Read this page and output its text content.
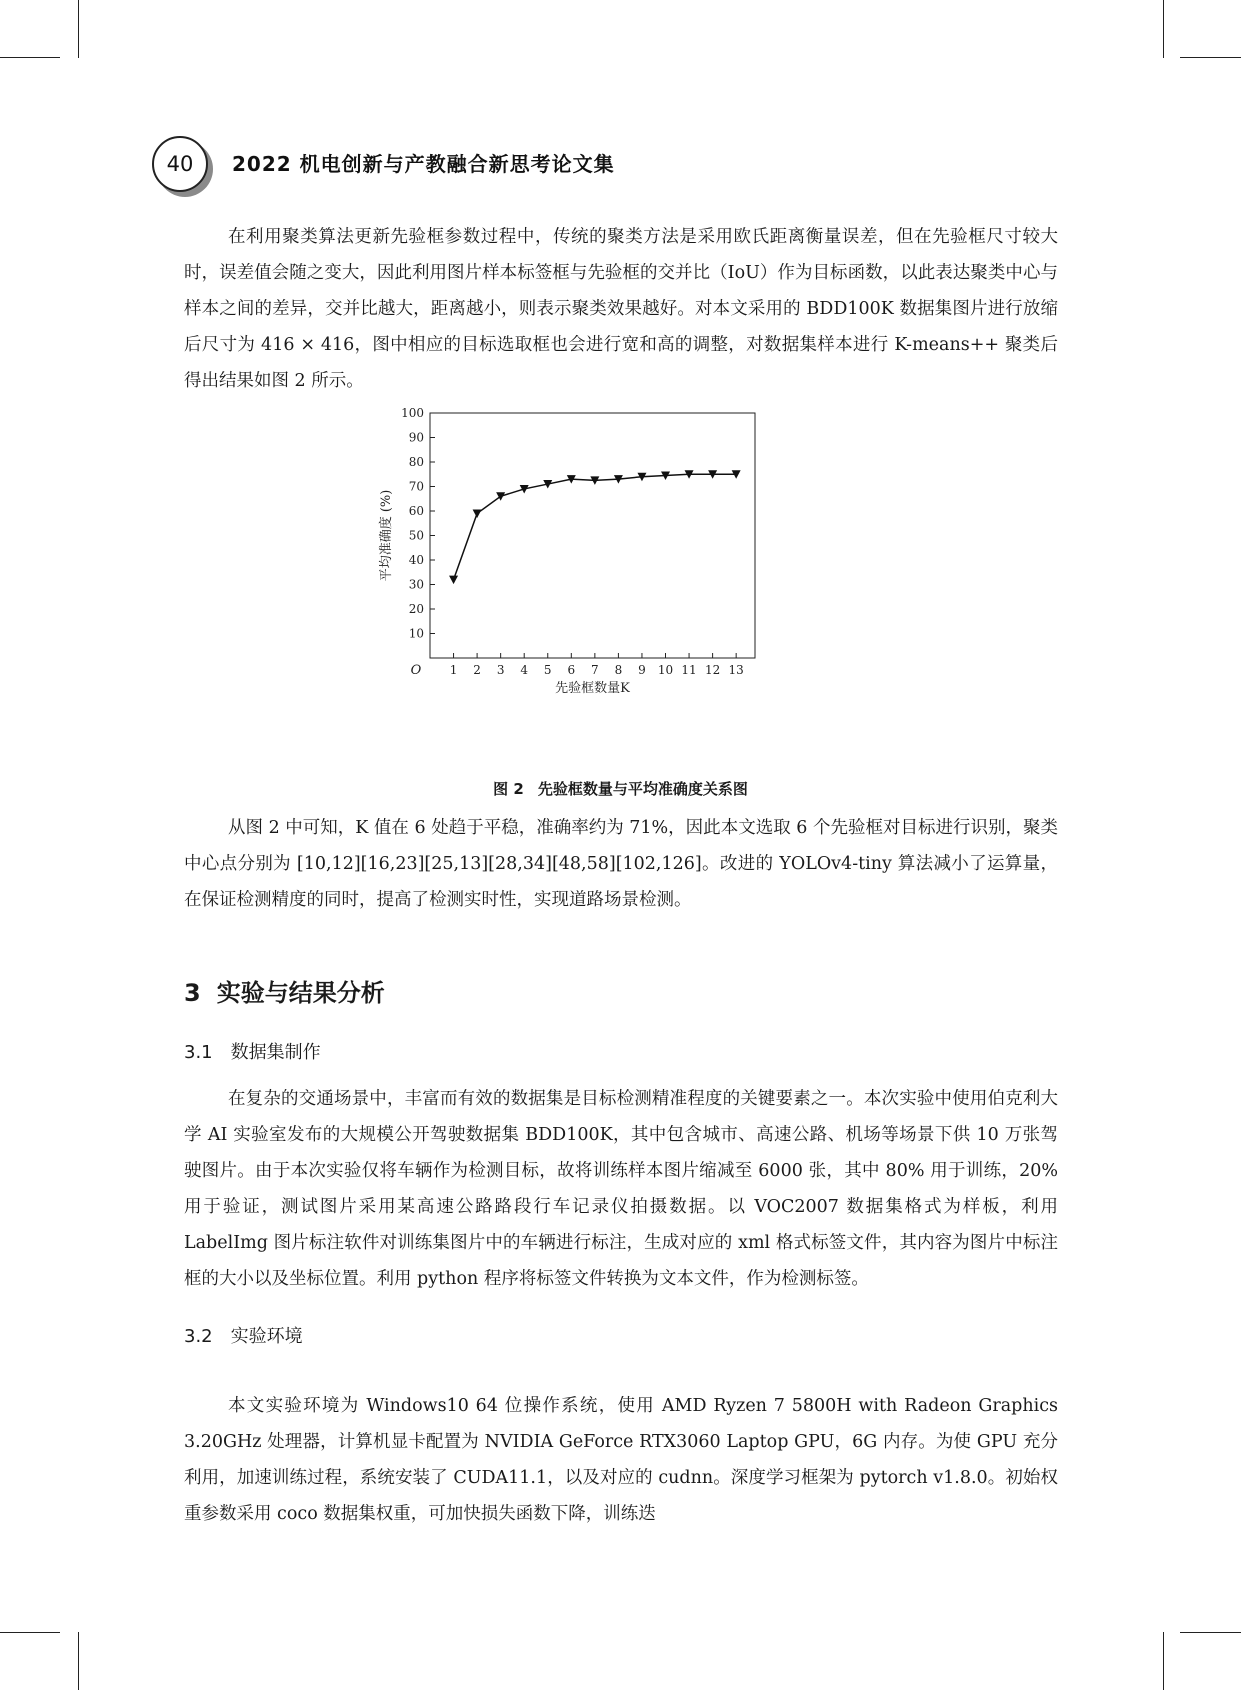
40 2022 机电创新与产教融合新思考论文集

在利用聚类算法更新先验框参数过程中，传统的聚类方法是采用欧氏距离衡量误差，但在先验框尺寸较大时，误差值会随之变大，因此利用图片样本标签框与先验框的交并比（IoU）作为目标函数，以此表达聚类中心与样本之间的差异，交并比越大，距离越小，则表示聚类效果越好。对本文采用的 BDD100K 数据集图片进行放缩后尺寸为 416 × 416，图中相应的目标选取框也会进行宽和高的调整，对数据集样本进行 K-means++ 聚类后得出结果如图 2 所示。

10
20
30
40
50
60
70
80
90
100
1 2 3 4 5 6 7 8 9 10 11 12 13
O
先验框数量K
平均准确度 (%)
图 2 先验框数量与平均准确度关系图

从图 2 中可知，K 值在 6 处趋于平稳，准确率约为 71%，因此本文选取 6 个先验框对目标进行识别，聚类中心点分别为 [10,12][16,23][25,13][28,34][48,58][102,126]。改进的 YOLOv4-tiny 算法减小了运算量，在保证检测精度的同时，提高了检测实时性，实现道路场景检测。

3 实验与结果分析
3.1 数据集制作

在复杂的交通场景中，丰富而有效的数据集是目标检测精准程度的关键要素之一。本次实验中使用伯克利大学 AI 实验室发布的大规模公开驾驶数据集 BDD100K，其中包含城市、高速公路、机场等场景下供 10 万张驾驶图片。由于本次实验仅将车辆作为检测目标，故将训练样本图片缩减至 6000 张，其中 80% 用于训练，20% 用于验证，测试图片采用某高速公路路段行车记录仪拍摄数据。以 VOC2007 数据集格式为样板，利用 LabelImg 图片标注软件对训练集图片中的车辆进行标注，生成对应的 xml 格式标签文件，其内容为图片中标注框的大小以及坐标位置。利用 python 程序将标签文件转换为文本文件，作为检测标签。

3.2 实验环境

本文实验环境为 Windows10 64 位操作系统，使用 AMD Ryzen 7 5800H with Radeon Graphics 3.20GHz 处理器，计算机显卡配置为 NVIDIA GeForce RTX3060 Laptop GPU，6G 内存。为使 GPU 充分利用，加速训练过程，系统安装了 CUDA11.1，以及对应的 cudnn。深度学习框架为 pytorch v1.8.0。初始权重参数采用 coco 数据集权重，可加快损失函数下降，训练迭
